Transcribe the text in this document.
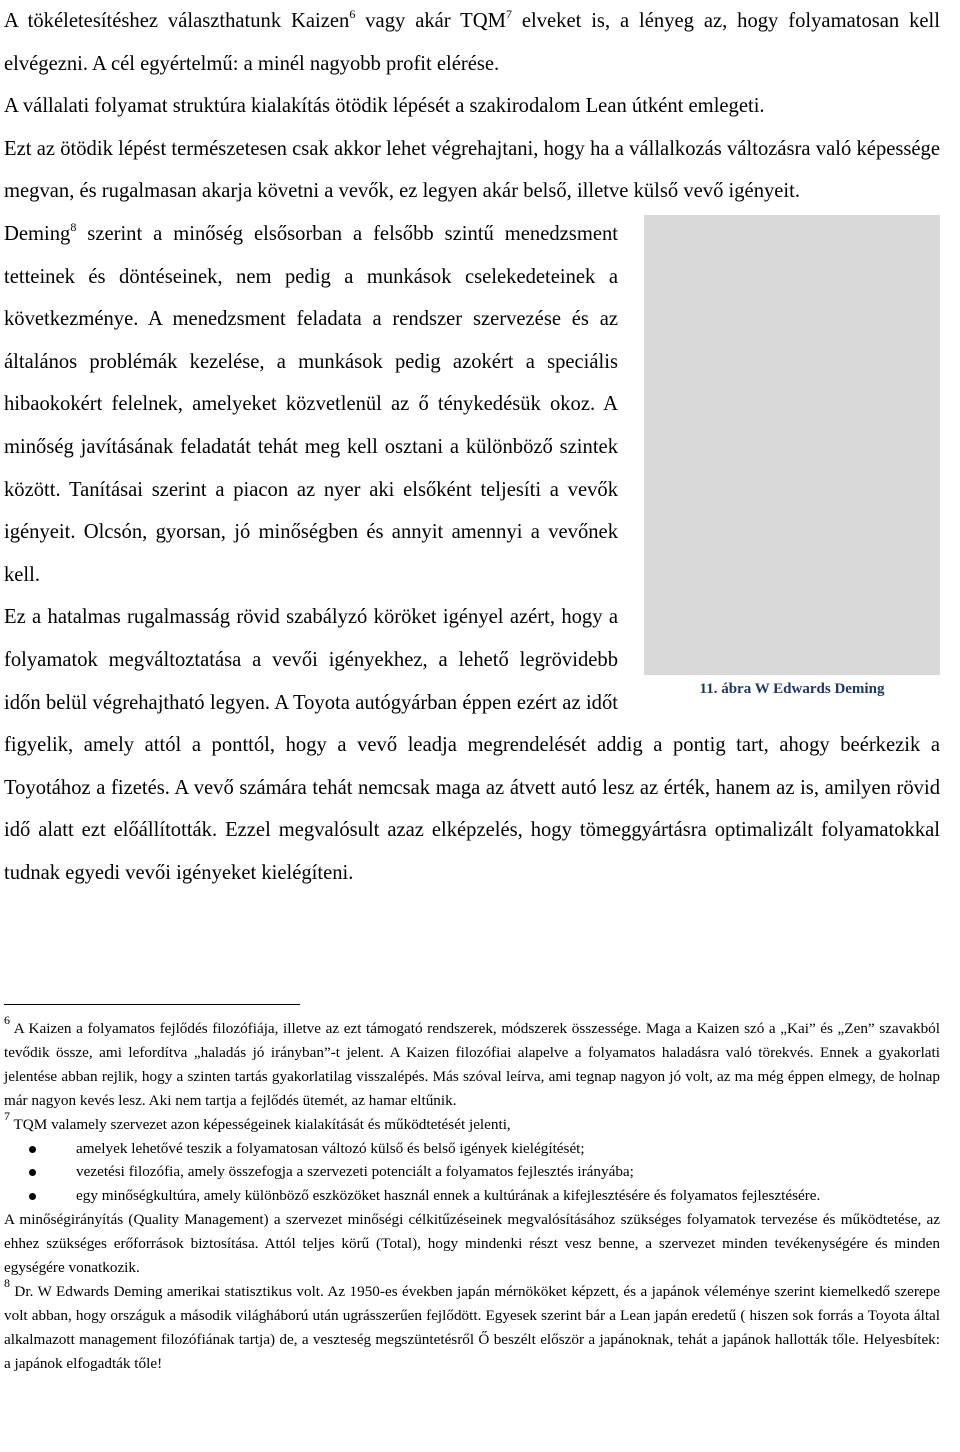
A tökéletesítéshez választhatunk Kaizen$^6$ vagy akár TQM$^7$ elveket is, a lényeg az, hogy folyamatosan kell elvégezni. A cél egyértelmű: a minél nagyobb profit elérése.

A vállalati folyamat struktúra kialakítás ötödik lépését a szakirodalom Lean útként emlegeti.

Ezt az ötödik lépést természetesen csak akkor lehet végrehajtani, hogy ha a vállalkozás változásra való képessége megvan, és rugalmasan akarja követni a vevők, ez legyen akár belső, illetve külső vevő igényeit.

11. ábra W Edwards Deming

Deming$^8$ szerint a minőség elsősorban a felsőbb szintű menedzsment tetteinek és döntéseinek, nem pedig a munkások cselekedeteinek a következménye. A menedzsment feladata a rendszer szervezése és az általános problémák kezelése, a munkások pedig azokért a speciális hibaokokért felelnek, amelyeket közvetlenül az ő ténykedésük okoz. A minőség javításának feladatát tehát meg kell osztani a különböző szintek között. Tanításai szerint a piacon az nyer aki elsőként teljesíti a vevők igényeit. Olcsón, gyorsan, jó minőségben és annyit amennyi a vevőnek kell.

Ez a hatalmas rugalmasság rövid szabályzó köröket igényel azért, hogy a folyamatok megváltoztatása a vevői igényekhez, a lehető legrövidebb időn belül végrehajtható legyen. A Toyota autógyárban éppen ezért az időt figyelik, amely attól a ponttól, hogy a vevő leadja megrendelését addig a pontig tart, ahogy beérkezik a Toyotához a fizetés. A vevő számára tehát nemcsak maga az átvett autó lesz az érték, hanem az is, amilyen rövid idő alatt ezt előállították. Ezzel megvalósult azaz elképzelés, hogy tömeggyártásra optimalizált folyamatokkal tudnak egyedi vevői igényeket kielégíteni.

$^6$ A Kaizen a folyamatos fejlődés filozófiája, illetve az ezt támogató rendszerek, módszerek összessége. Maga a Kaizen szó a „Kai” és „Zen” szavakból tevődik össze, ami lefordítva „haladás jó irányban”-t jelent. A Kaizen filozófiai alapelve a folyamatos haladásra való törekvés. Ennek a gyakorlati jelentése abban rejlik, hogy a szinten tartás gyakorlatilag visszalépés. Más szóval leírva, ami tegnap nagyon jó volt, az ma még éppen elmegy, de holnap már nagyon kevés lesz. Aki nem tartja a fejlődés ütemét, az hamar eltűnik.

$^7$ TQM valamely szervezet azon képességeinek kialakítását és működtetését jelenti,

amelyek lehetővé teszik a folyamatosan változó külső és belső igények kielégítését;
vezetési filozófia, amely összefogja a szervezeti potenciált a folyamatos fejlesztés irányába;
egy minőségkultúra, amely különböző eszközöket használ ennek a kultúrának a kifejlesztésére és folyamatos fejlesztésére.

A minőségirányítás (Quality Management) a szervezet minőségi célkitűzéseinek megvalósításához szükséges folyamatok tervezése és működtetése, az ehhez szükséges erőforrások biztosítása. Attól teljes körű (Total), hogy mindenki részt vesz benne, a szervezet minden tevékenységére és minden egységére vonatkozik.

$^8$ Dr. W Edwards Deming amerikai statisztikus volt. Az 1950-es években japán mérnököket képzett, és a japánok véleménye szerint kiemelkedő szerepe volt abban, hogy országuk a második világháború után ugrásszerűen fejlődött. Egyesek szerint bár a Lean japán eredetű ( hiszen sok forrás a Toyota által alkalmazott management filozófiának tartja) de, a veszteség megszüntetésről Ő beszélt először a japánoknak, tehát a japánok hallották tőle. Helyesbítek: a japánok elfogadták tőle!
